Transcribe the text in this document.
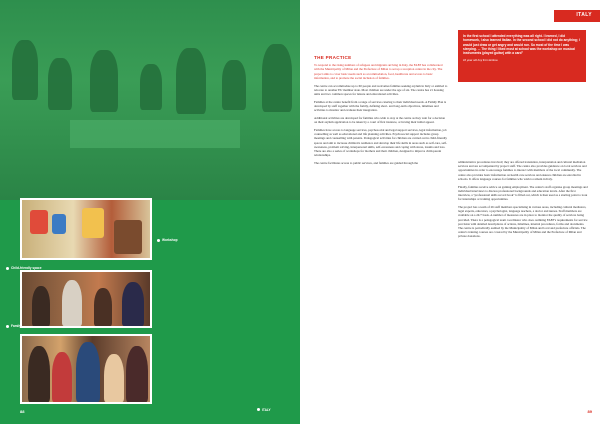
Workshop
Child-friendly space
Family
88	ITALY
ITALY
THE PRACTICE

To respond to the rising numbers of refugees and migrants arriving in Italy, the FAEP has collaborated with the Municipality of Milan and the Prefecture of Milan to set up a reception centre in the city. The project aims to cover basic needs such as accommodation, food, healthcare and access to basic information, and to promote the social inclusion of families.

The centre can accommodate up to 60 people and welcomes families seeking asylum in Italy or entitled to relocate to another EU member state. Most children are under the age of six. The centre has 21 housing units and two common spaces for leisure and educational activities.

Families at the centre benefit from a range of services catering to their individual needs. A Family Plan is developed by staff together with the family, defining short- and long-term objectives, timelines and activities to monitor and evaluate their integration.

Additional activities are developed for families who wish to stay at the centre as they wait for a decision on their asylum application to be taken by a court of first instance, or having their initial appeal.

Families have access to language services, psychosocial and legal support services, legal information, job counselling as well as educational and life planning activities. Psychosocial support includes group meetings and counselling with parents. Pedagogical activities for children are carried out in child-friendly spaces and aim to increase children's resilience and develop their life skills in areas such as self-care, self-awareness, problem solving, interpersonal skills, self-awareness and coping with stress, trauma and loss. There are also a series of workshops for mothers and their children, designed to improve child-parent relationships.

The centre facilitates access to public services, and families are guided through the

In the first school I attended everything was all right. I learned, I did homework, I also learned Italian. In the second school I did not do anything; I would just draw or get angry and would run. So most of the time I was sleeping. ... The thing I liked most at school was the workshop on musical instruments (played guitar) with a card"
10 year old boy from Eritrea

administrative procedures involved; they are offered translation, interpretation and cultural mediation services and are accompanied by project staff. The centre also provides guidance on local services and opportunities in order to encourage families to interact with members of the local community. The centre also provides basic information on health care services and ensures children are enrolled in schools. It offers language courses for families who wish to remain in Italy.

Finally, families receive advice on gaining employment. The centre's staff organise group meetings and individual interviews to discuss professional backgrounds and education levels. After the first interview, a "professional skills record book" is filled out, which is then used as a starting point to look for internships or training opportunities.

The project has a team of 26 staff members specialising in various areas, including cultural mediators, legal experts, educators, a psychologist, language teachers, a doctor and nurses. Staff members are available on a 24/7 basis. A number of measures are in place to monitor the quality of services being provided. There is a pedagogical team coordinator who does outlining FAEP's requirements for service provision with detailed descriptions of actions, timelines, internal procedures, forms and documents. The centre is periodically audited by the Municipality of Milan and local and prefecture officials. The centre's training courses are covered by the Municipality of Milan and the Prefecture of Milan and private donations.

89
